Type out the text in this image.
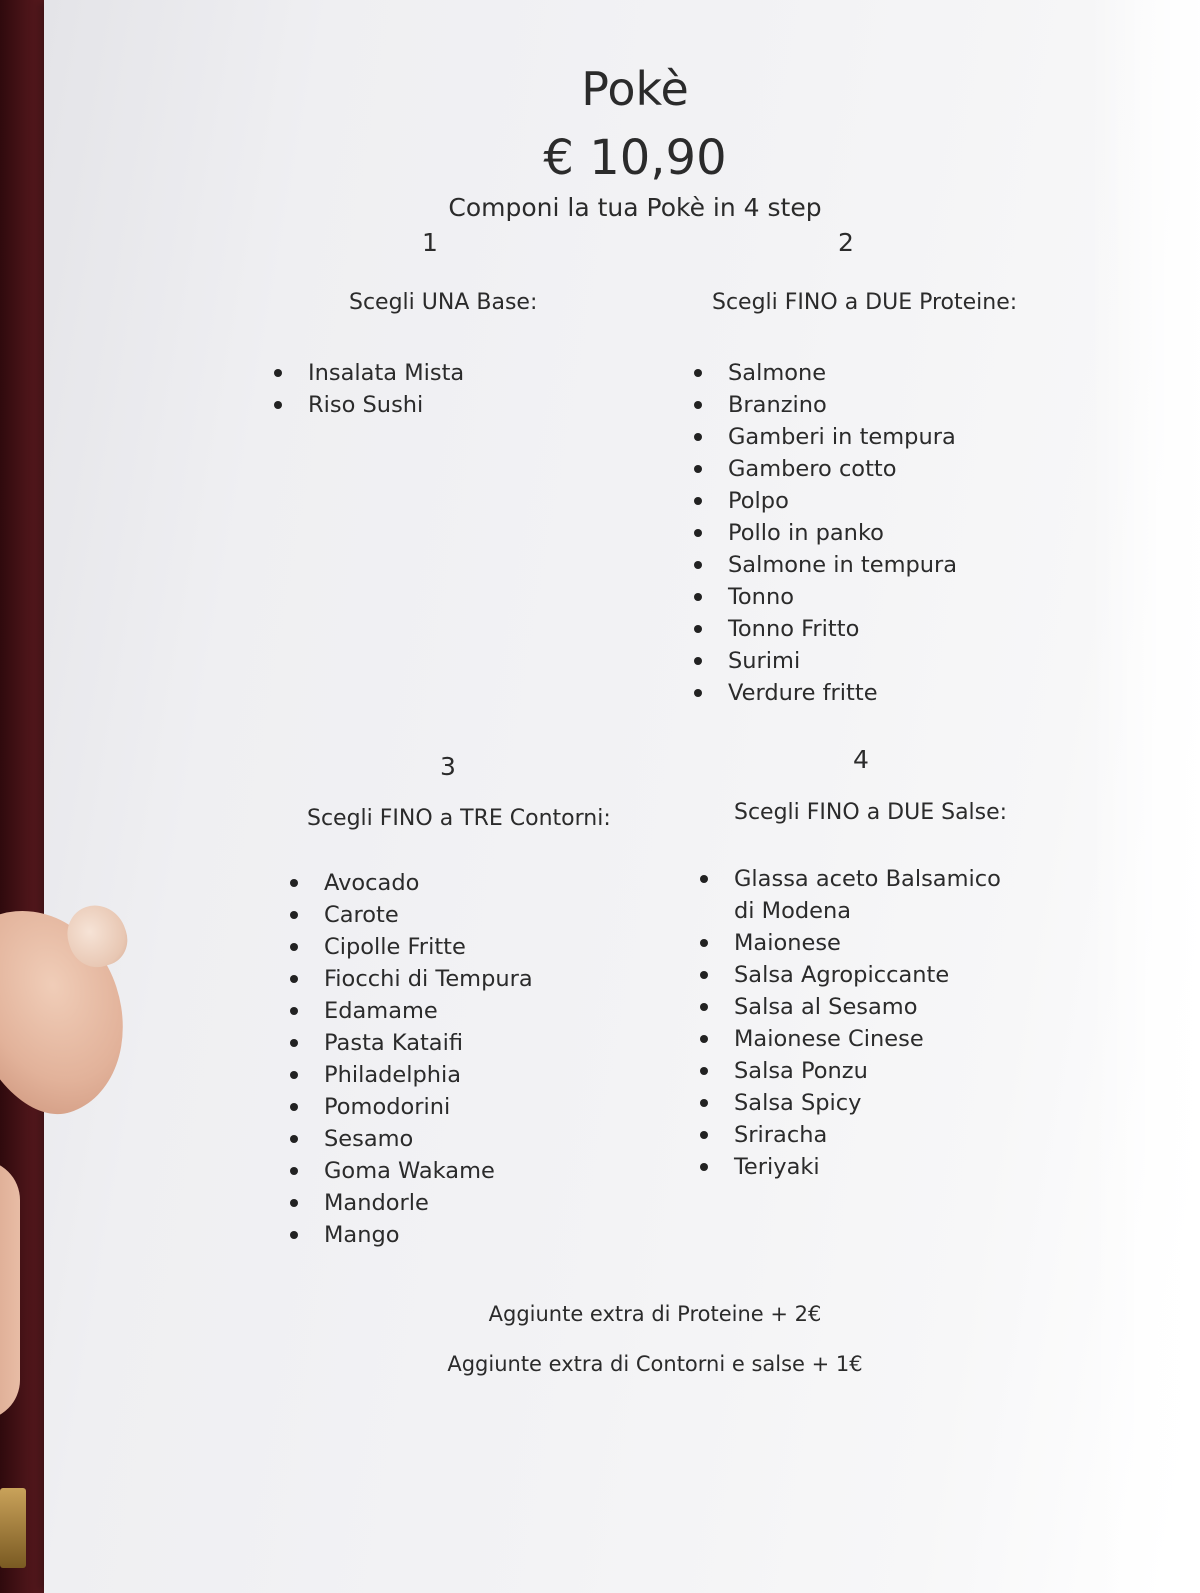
Pokè
€ 10,90
Componi la tua Pokè in 4 step
1
Scegli UNA Base:
Insalata Mista
Riso Sushi
2
Scegli FINO a DUE Proteine:
Salmone
Branzino
Gamberi in tempura
Gambero cotto
Polpo
Pollo in panko
Salmone in tempura
Tonno
Tonno Fritto
Surimi
Verdure fritte
3
Scegli FINO a TRE Contorni:
Avocado
Carote
Cipolle Fritte
Fiocchi di Tempura
Edamame
Pasta Kataifi
Philadelphia
Pomodorini
Sesamo
Goma Wakame
Mandorle
Mango
4
Scegli FINO a DUE Salse:
Glassa aceto Balsamico di Modena
Maionese
Salsa Agropiccante
Salsa al Sesamo
Maionese Cinese
Salsa Ponzu
Salsa Spicy
Sriracha
Teriyaki
Aggiunte extra di Proteine + 2€
Aggiunte extra di Contorni e salse + 1€
